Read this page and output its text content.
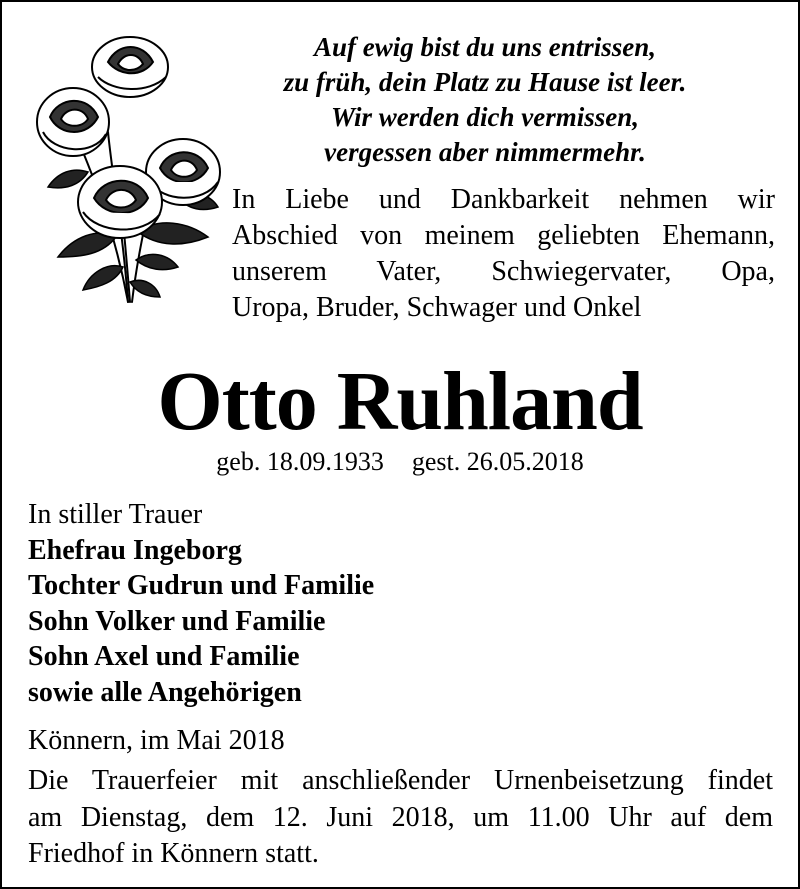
Auf ewig bist du uns entrissen,
zu früh, dein Platz zu Hause ist leer.
Wir werden dich vermissen,
vergessen aber nimmermehr.
In Liebe und Dankbarkeit nehmen wir
Abschied von meinem geliebten Ehemann,
unserem Vater, Schwiegervater, Opa,
Uropa, Bruder, Schwager und Onkel
Otto Ruhland
geb. 18.09.1933 gest. 26.05.2018
In stiller Trauer
Ehefrau Ingeborg
Tochter Gudrun und Familie
Sohn Volker und Familie
Sohn Axel und Familie
sowie alle Angehörigen
Könnern, im Mai 2018
Die Trauerfeier mit anschließender Urnenbeisetzung findet
am Dienstag, dem 12. Juni 2018, um 11.00 Uhr auf dem
Friedhof in Könnern statt.
